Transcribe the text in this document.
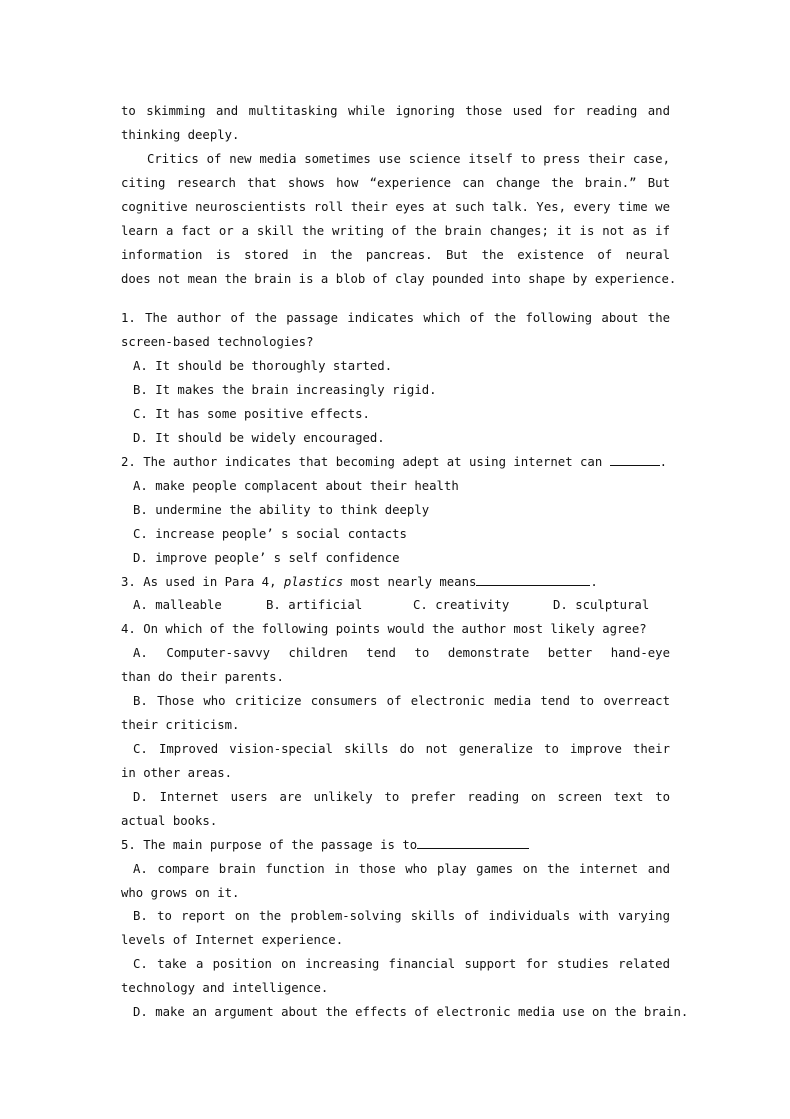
to skimming and multitasking while ignoring those used for reading and
thinking deeply.
Critics of new media sometimes use science itself to press their case,
citing research that shows how “experience can change the brain.” But
cognitive neuroscientists roll their eyes at such talk. Yes, every time we
learn a fact or a skill the writing of the brain changes; it is not as if
information is stored in the pancreas. But the existence of neural
does not mean the brain is a blob of clay pounded into shape by experience.
1. The author of the passage indicates which of the following about the
screen-based technologies?
A. It should be thoroughly started.
B. It makes the brain increasingly rigid.
C. It has some positive effects.
D. It should be widely encouraged.
2. The author indicates that becoming adept at using internet can	.
A. make people complacent about their health
B. undermine the ability to think deeply
C. increase people’ s social contacts
D. improve people’ s self confidence
3. As used in Para 4, plastics most nearly means	.
A. malleable	B. artificial	C. creativity	D. sculptural
4. On which of the following points would the author most likely agree?
A. Computer-savvy children tend to demonstrate better hand-eye
than do their parents.
B. Those who criticize consumers of electronic media tend to overreact
their criticism.
C. Improved vision-special skills do not generalize to improve their
in other areas.
D. Internet users are unlikely to prefer reading on screen text to
actual books.
5. The main purpose of the passage is to
A. compare brain function in those who play games on the internet and
who grows on it.
B. to report on the problem-solving skills of individuals with varying
levels of Internet experience.
C. take a position on increasing financial support for studies related
technology and intelligence.
D. make an argument about the effects of electronic media use on the brain.
